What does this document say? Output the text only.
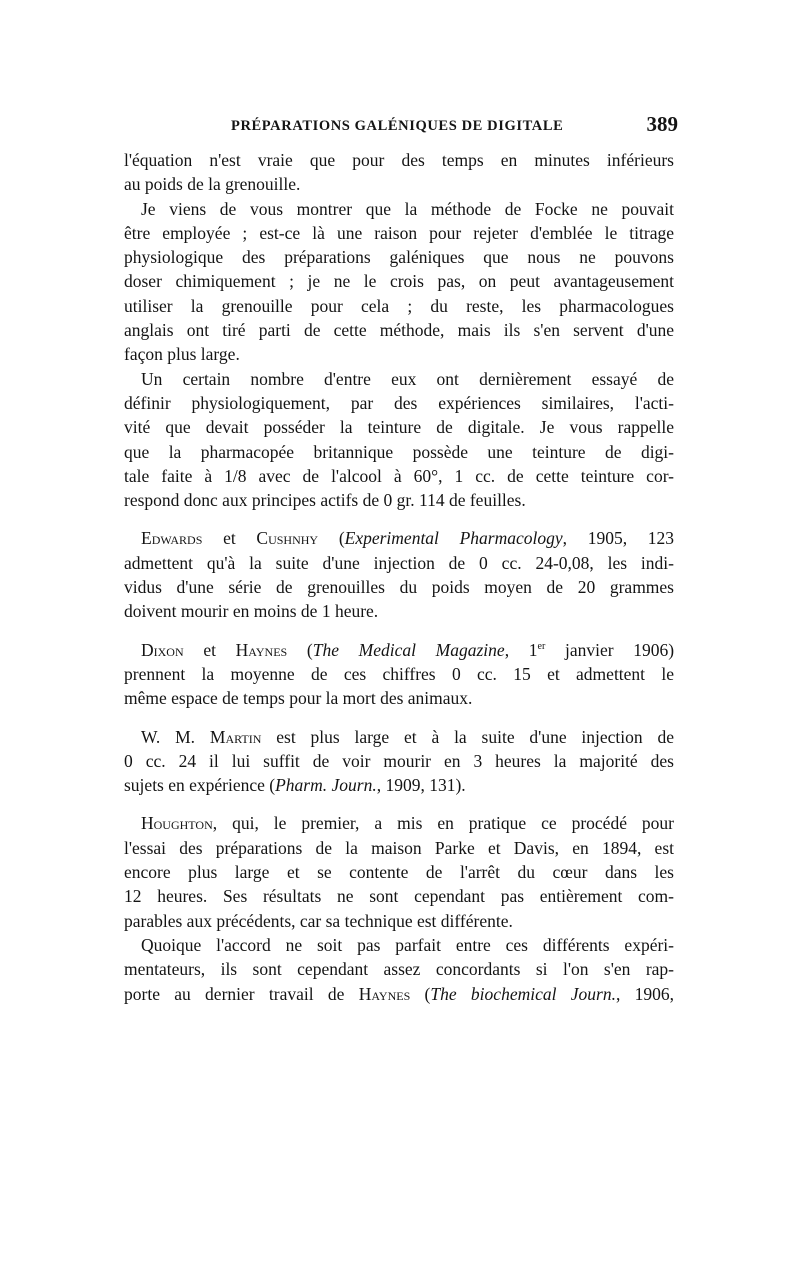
PRÉPARATIONS GALÉNIQUES DE DIGITALE	389
l'équation n'est vraie que pour des temps en minutes inférieurs
au poids de la grenouille.
Je viens de vous montrer que la méthode de Focke ne pouvait
être employée ; est-ce là une raison pour rejeter d'emblée le titrage
physiologique des préparations galéniques que nous ne pouvons
doser chimiquement ; je ne le crois pas, on peut avantageusement
utiliser la grenouille pour cela ; du reste, les pharmacologues
anglais ont tiré parti de cette méthode, mais ils s'en servent d'une
façon plus large.
Un certain nombre d'entre eux ont dernièrement essayé de
définir physiologiquement, par des expériences similaires, l'acti-
vité que devait posséder la teinture de digitale. Je vous rappelle
que la pharmacopée britannique possède une teinture de digi-
tale faite à 1/8 avec de l'alcool à 60°, 1 cc. de cette teinture cor-
respond donc aux principes actifs de 0 gr. 114 de feuilles.
Edwards et Cushnhy (Experimental Pharmacology, 1905, 123
admettent qu'à la suite d'une injection de 0 cc. 24-0,08, les indi-
vidus d'une série de grenouilles du poids moyen de 20 grammes
doivent mourir en moins de 1 heure.
Dixon et Haynes (The Medical Magazine, 1er janvier 1906)
prennent la moyenne de ces chiffres 0 cc. 15 et admettent le
même espace de temps pour la mort des animaux.
W. M. Martin est plus large et à la suite d'une injection de
0 cc. 24 il lui suffit de voir mourir en 3 heures la majorité des
sujets en expérience (Pharm. Journ., 1909, 131).
Houghton, qui, le premier, a mis en pratique ce procédé pour
l'essai des préparations de la maison Parke et Davis, en 1894, est
encore plus large et se contente de l'arrêt du cœur dans les
12 heures. Ses résultats ne sont cependant pas entièrement com-
parables aux précédents, car sa technique est différente.
Quoique l'accord ne soit pas parfait entre ces différents expéri-
mentateurs, ils sont cependant assez concordants si l'on s'en rap-
porte au dernier travail de Haynes (The biochemical Journ., 1906,
